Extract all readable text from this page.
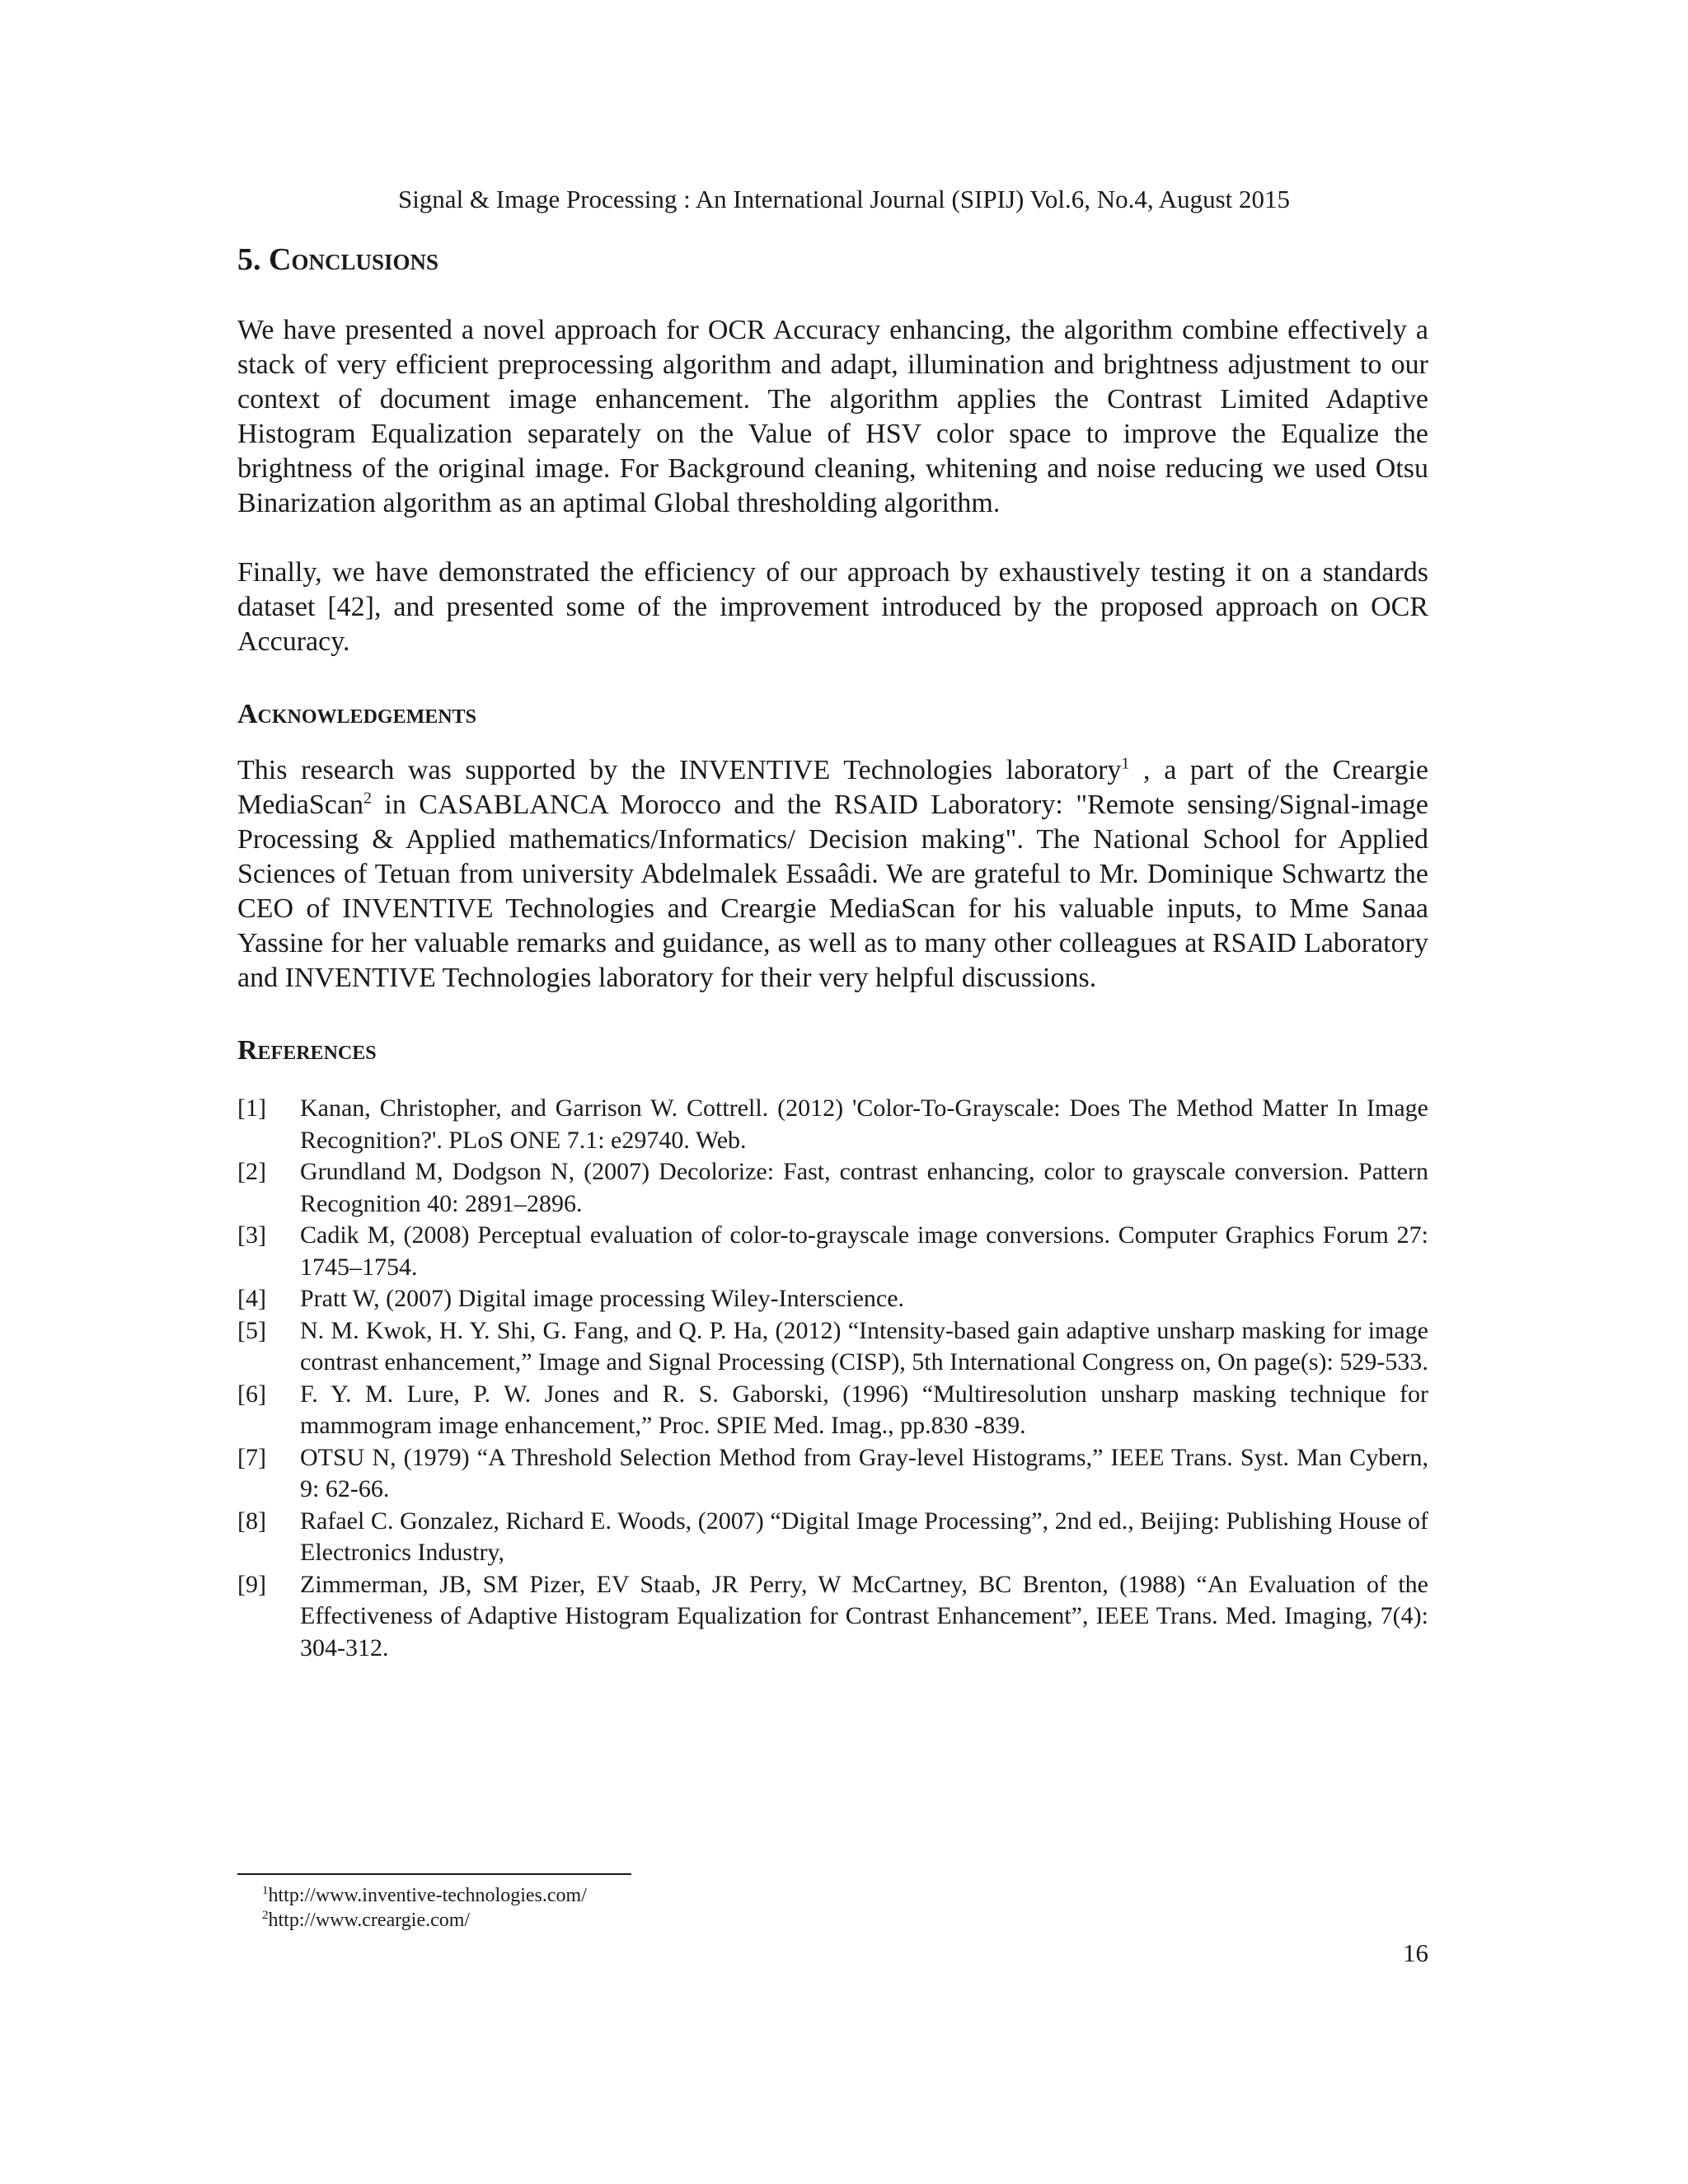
Signal & Image Processing : An International Journal (SIPIJ) Vol.6, No.4, August 2015
5. Conclusions

We have presented a novel approach for OCR Accuracy enhancing, the algorithm combine effectively a stack of very efficient preprocessing algorithm and adapt, illumination and brightness adjustment to our context of document image enhancement. The algorithm applies the Contrast Limited Adaptive Histogram Equalization separately on the Value of HSV color space to improve the Equalize the brightness of the original image. For Background cleaning, whitening and noise reducing we used Otsu Binarization algorithm as an aptimal Global thresholding algorithm.

Finally, we have demonstrated the efficiency of our approach by exhaustively testing it on a standards dataset [42], and presented some of the improvement introduced by the proposed approach on OCR Accuracy.

Acknowledgements

This research was supported by the INVENTIVE Technologies laboratory$^1$ , a part of the Creargie MediaScan$^2$ in CASABLANCA Morocco and the RSAID Laboratory: "Remote sensing/Signal-image Processing & Applied mathematics/Informatics/ Decision making". The National School for Applied Sciences of Tetuan from university Abdelmalek Essaâdi. We are grateful to Mr. Dominique Schwartz the CEO of INVENTIVE Technologies and Creargie MediaScan for his valuable inputs, to Mme Sanaa Yassine for her valuable remarks and guidance, as well as to many other colleagues at RSAID Laboratory and INVENTIVE Technologies laboratory for their very helpful discussions.

References
[1] Kanan, Christopher, and Garrison W. Cottrell. (2012) 'Color-To-Grayscale: Does The Method Matter In Image Recognition?'. PLoS ONE 7.1: e29740. Web.
[2] Grundland M, Dodgson N, (2007) Decolorize: Fast, contrast enhancing, color to grayscale conversion. Pattern Recognition 40: 2891–2896.
[3] Cadik M, (2008) Perceptual evaluation of color-to-grayscale image conversions. Computer Graphics Forum 27: 1745–1754.
[4] Pratt W, (2007) Digital image processing Wiley-Interscience.
[5] N. M. Kwok, H. Y. Shi, G. Fang, and Q. P. Ha, (2012) “Intensity-based gain adaptive unsharp masking for image contrast enhancement,” Image and Signal Processing (CISP), 5th International Congress on, On page(s): 529-533.
[6] F. Y. M. Lure, P. W. Jones and R. S. Gaborski, (1996) “Multiresolution unsharp masking technique for mammogram image enhancement,” Proc. SPIE Med. Imag., pp.830 -839.
[7] OTSU N, (1979) “A Threshold Selection Method from Gray-level Histograms,” IEEE Trans. Syst. Man Cybern, 9: 62-66.
[8] Rafael C. Gonzalez, Richard E. Woods, (2007) “Digital Image Processing”, 2nd ed., Beijing: Publishing House of Electronics Industry,
[9] Zimmerman, JB, SM Pizer, EV Staab, JR Perry, W McCartney, BC Brenton, (1988) “An Evaluation of the Effectiveness of Adaptive Histogram Equalization for Contrast Enhancement”, IEEE Trans. Med. Imaging, 7(4): 304-312.
$^1$http://www.inventive-technologies.com/
$^2$http://www.creargie.com/
16
